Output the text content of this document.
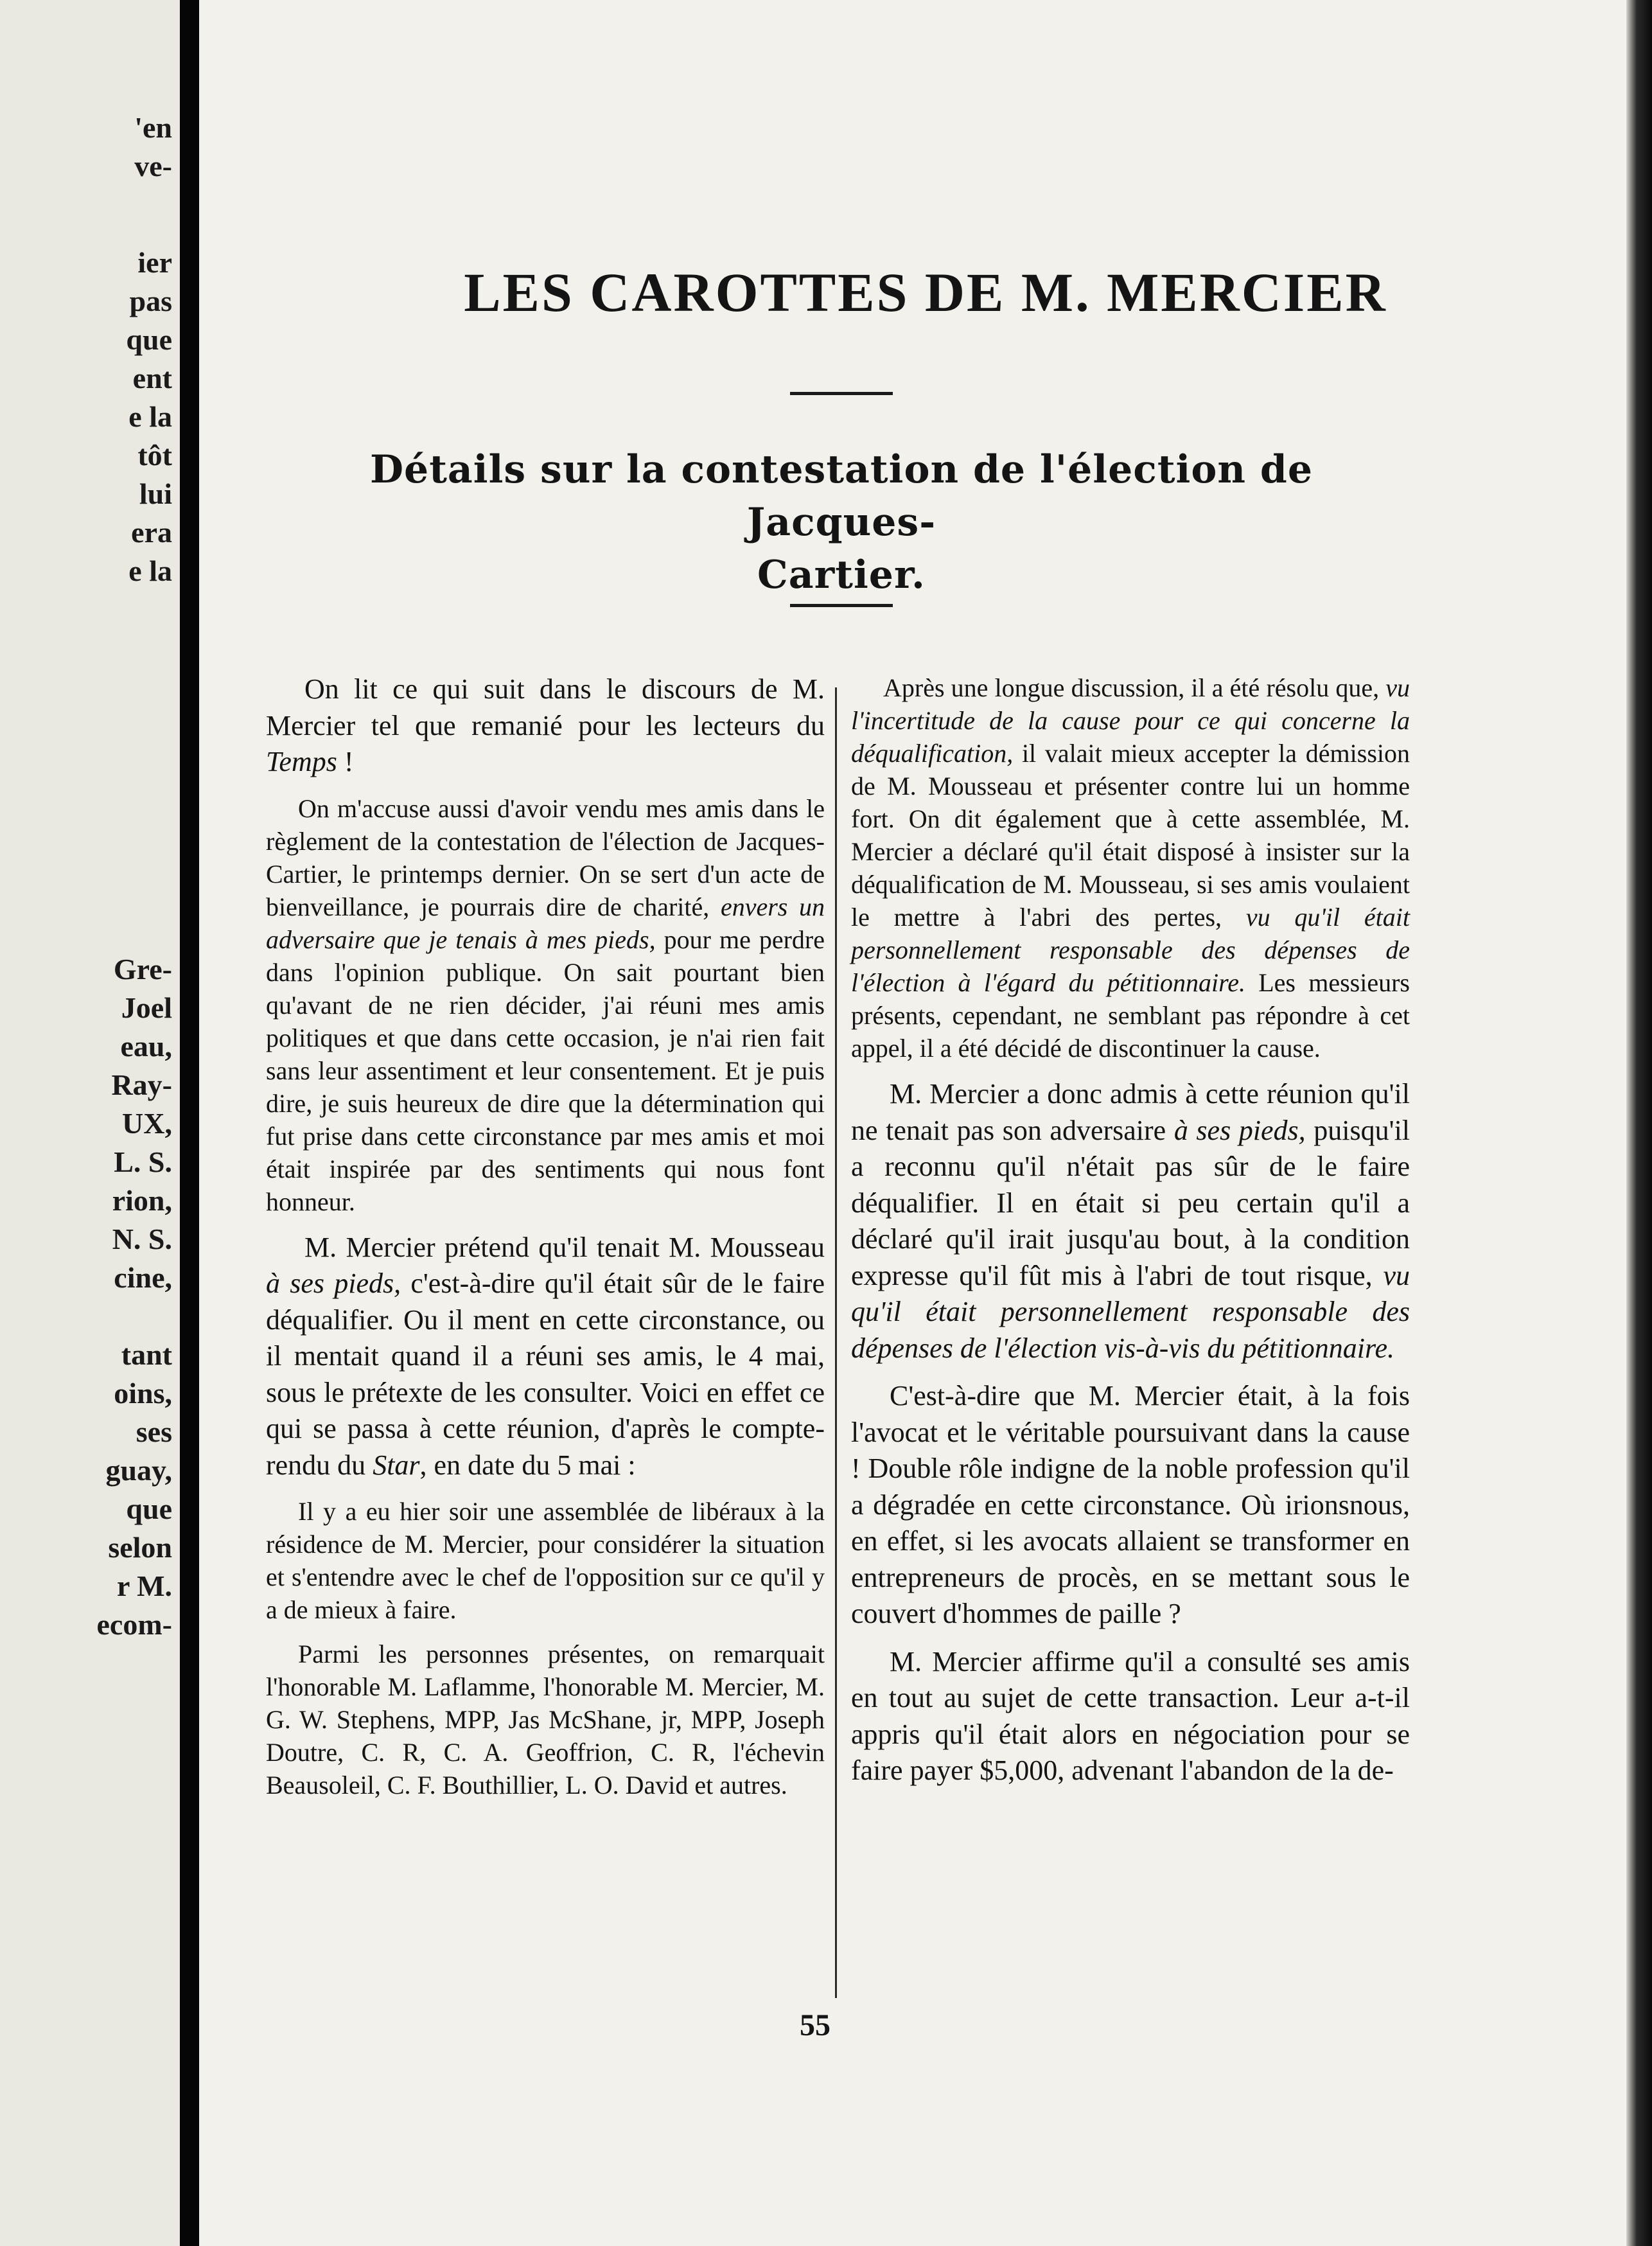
'en
ve-
ier
pas
que
ent
e la
tôt
lui
era
e la
Gre-
Joel
eau,
Ray-
UX,
L. S.
rion,
N. S.
cine,
tant
oins,
ses
guay,
que
selon
r M.
ecom-
LES CAROTTES DE M. MERCIER
Détails sur la contestation de l'élection de Jacques-
Cartier.

On lit ce qui suit dans le discours de M. Mercier tel que remanié pour les lecteurs du Temps !

On m'accuse aussi d'avoir vendu mes amis dans le règlement de la contestation de l'élection de Jacques-Cartier, le printemps dernier. On se sert d'un acte de bienveillance, je pourrais dire de charité, envers un adversaire que je tenais à mes pieds, pour me perdre dans l'opinion publique. On sait pourtant bien qu'avant de ne rien décider, j'ai réuni mes amis politiques et que dans cette occasion, je n'ai rien fait sans leur assentiment et leur consentement. Et je puis dire, je suis heureux de dire que la détermination qui fut prise dans cette circonstance par mes amis et moi était inspirée par des sentiments qui nous font honneur.

M. Mercier prétend qu'il tenait M. Mousseau à ses pieds, c'est-à-dire qu'il était sûr de le faire déqualifier. Ou il ment en cette circonstance, ou il mentait quand il a réuni ses amis, le 4 mai, sous le prétexte de les consulter. Voici en effet ce qui se passa à cette réunion, d'après le compte-rendu du Star, en date du 5 mai :

Il y a eu hier soir une assemblée de libéraux à la résidence de M. Mercier, pour considérer la situation et s'entendre avec le chef de l'opposition sur ce qu'il y a de mieux à faire.

Parmi les personnes présentes, on remarquait l'honorable M. Laflamme, l'honorable M. Mercier, M. G. W. Stephens, MPP, Jas McShane, jr, MPP, Joseph Doutre, C. R, C. A. Geoffrion, C. R, l'échevin Beausoleil, C. F. Bouthillier, L. O. David et autres.

Après une longue discussion, il a été résolu que, vu l'incertitude de la cause pour ce qui concerne la déqualification, il valait mieux accepter la démission de M. Mousseau et présenter contre lui un homme fort. On dit également que à cette assemblée, M. Mercier a déclaré qu'il était disposé à insister sur la déqualification de M. Mousseau, si ses amis voulaient le mettre à l'abri des pertes, vu qu'il était personnellement responsable des dépenses de l'élection à l'égard du pétitionnaire. Les messieurs présents, cependant, ne semblant pas répondre à cet appel, il a été décidé de discontinuer la cause.

M. Mercier a donc admis à cette réunion qu'il ne tenait pas son adversaire à ses pieds, puisqu'il a reconnu qu'il n'était pas sûr de le faire déqualifier. Il en était si peu certain qu'il a déclaré qu'il irait jusqu'au bout, à la condition expresse qu'il fût mis à l'abri de tout risque, vu qu'il était personnellement responsable des dépenses de l'élection vis-à-vis du pétitionnaire.

C'est-à-dire que M. Mercier était, à la fois l'avocat et le véritable poursuivant dans la cause ! Double rôle indigne de la noble profession qu'il a dégradée en cette circonstance. Où irionsnous, en effet, si les avocats allaient se transformer en entrepreneurs de procès, en se mettant sous le couvert d'hommes de paille ?

M. Mercier affirme qu'il a consulté ses amis en tout au sujet de cette transaction. Leur a-t-il appris qu'il était alors en négociation pour se faire payer $5,000, advenant l'abandon de la de-

55
